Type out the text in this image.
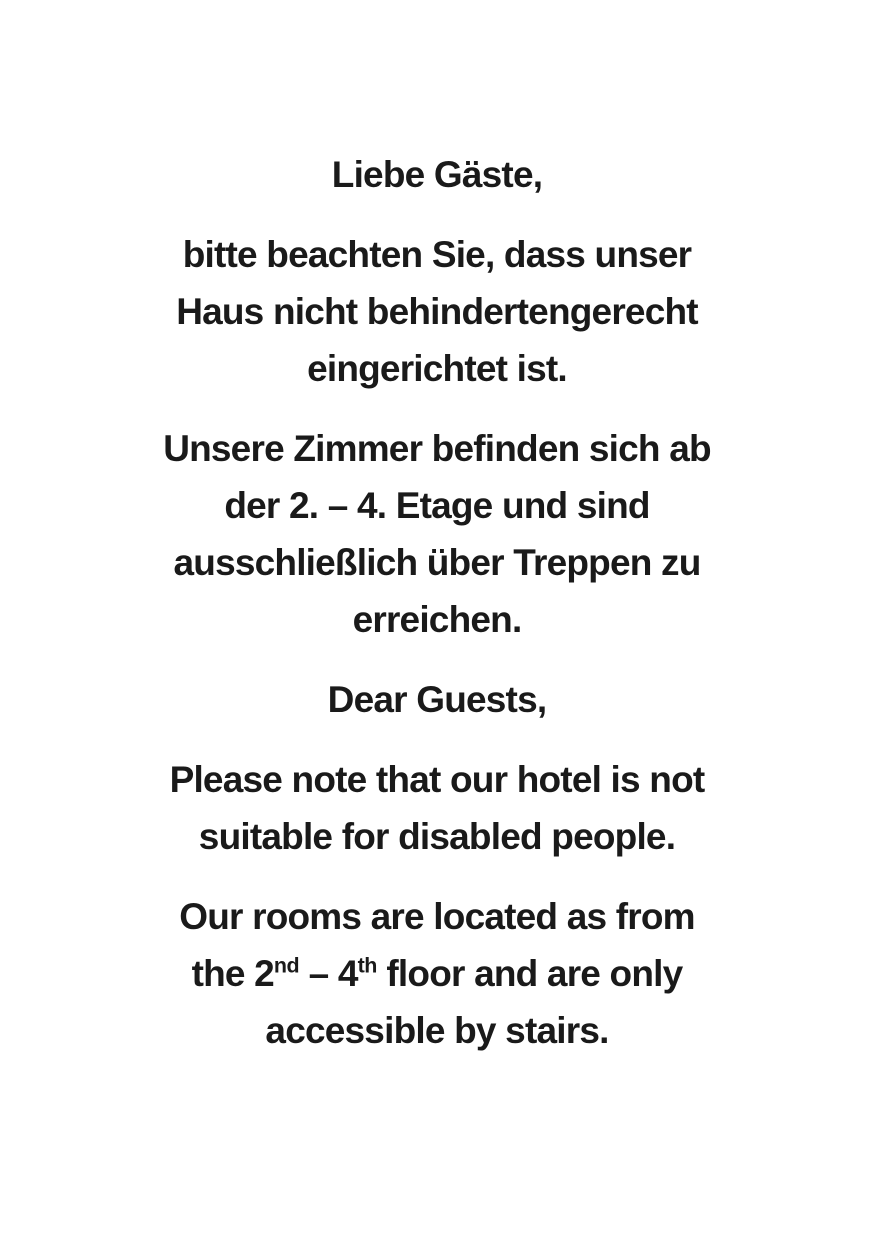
Liebe Gäste,

bitte beachten Sie, dass unser
Haus nicht behindertengerecht
eingerichtet ist.

Unsere Zimmer befinden sich ab
der 2. – 4. Etage und sind
ausschließlich über Treppen zu
erreichen.

Dear Guests,

Please note that our hotel is not
suitable for disabled people.

Our rooms are located as from
the 2nd – 4th floor and are only
accessible by stairs.
